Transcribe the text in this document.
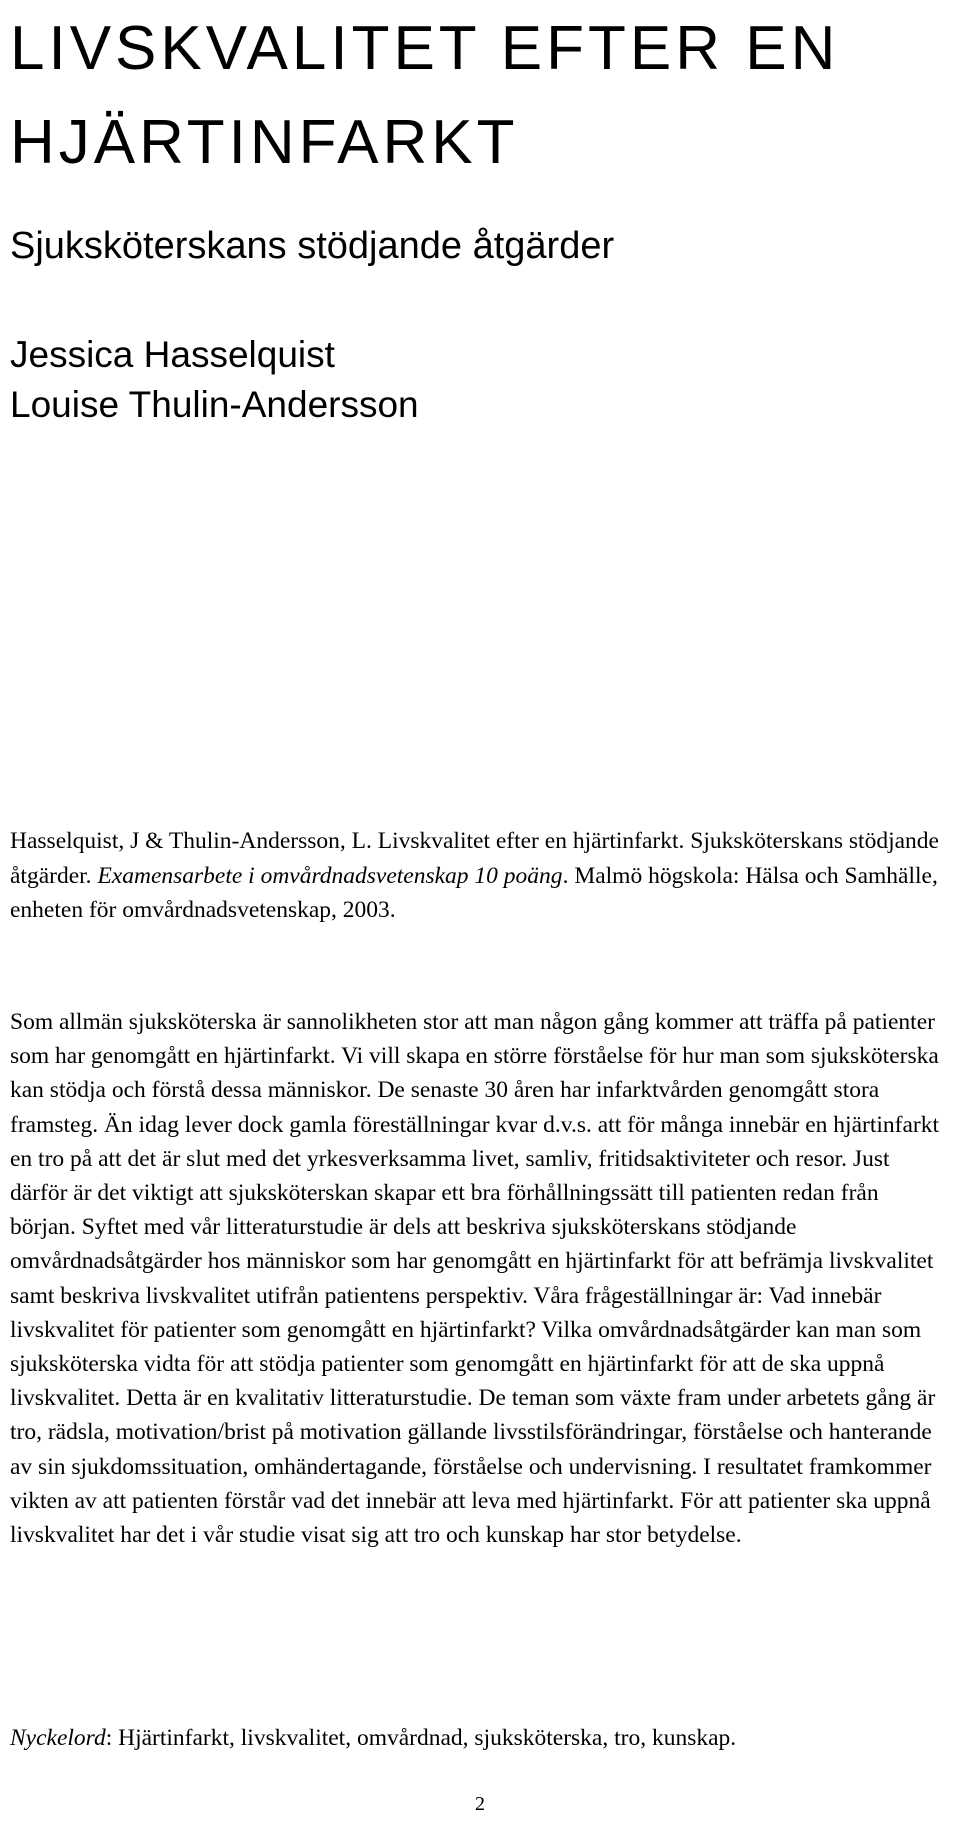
LIVSKVALITET EFTER EN
HJÄRTINFARKT
Sjuksköterskans stödjande åtgärder
Jessica Hasselquist
Louise Thulin-Andersson

Hasselquist, J & Thulin-Andersson, L. Livskvalitet efter en hjärtinfarkt. Sjuksköterskans stödjande åtgärder. Examensarbete i omvårdnadsvetenskap 10 poäng. Malmö högskola: Hälsa och Samhälle, enheten för omvårdnadsvetenskap, 2003.

Som allmän sjuksköterska är sannolikheten stor att man någon gång kommer att träffa på patienter som har genomgått en hjärtinfarkt. Vi vill skapa en större förståelse för hur man som sjuksköterska kan stödja och förstå dessa människor. De senaste 30 åren har infarktvården genomgått stora framsteg. Än idag lever dock gamla föreställningar kvar d.v.s. att för många innebär en hjärtinfarkt en tro på att det är slut med det yrkesverksamma livet, samliv, fritidsaktiviteter och resor. Just därför är det viktigt att sjuksköterskan skapar ett bra förhållningssätt till patienten redan från början. Syftet med vår litteraturstudie är dels att beskriva sjuksköterskans stödjande omvårdnadsåtgärder hos människor som har genomgått en hjärtinfarkt för att befrämja livskvalitet samt beskriva livskvalitet utifrån patientens perspektiv. Våra frågeställningar är: Vad innebär livskvalitet för patienter som genomgått en hjärtinfarkt? Vilka omvårdnadsåtgärder kan man som sjuksköterska vidta för att stödja patienter som genomgått en hjärtinfarkt för att de ska uppnå livskvalitet. Detta är en kvalitativ litteraturstudie. De teman som växte fram under arbetets gång är tro, rädsla, motivation/brist på motivation gällande livsstilsförändringar, förståelse och hanterande av sin sjukdomssituation, omhändertagande, förståelse och undervisning. I resultatet framkommer vikten av att patienten förstår vad det innebär att leva med hjärtinfarkt. För att patienter ska uppnå livskvalitet har det i vår studie visat sig att tro och kunskap har stor betydelse.

Nyckelord: Hjärtinfarkt, livskvalitet, omvårdnad, sjuksköterska, tro, kunskap.

2
